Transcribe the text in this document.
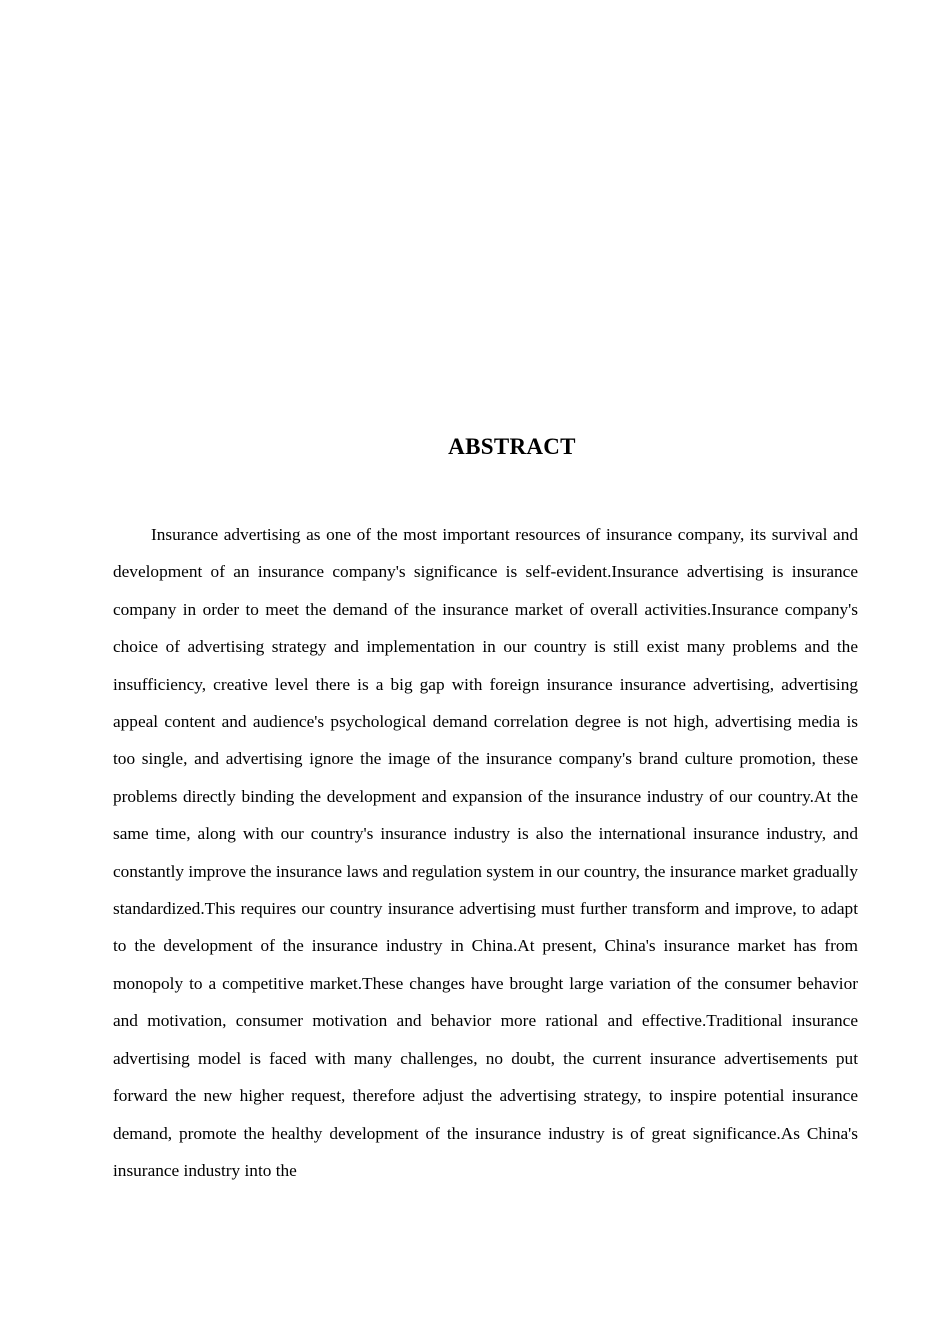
ABSTRACT

Insurance advertising as one of the most important resources of insurance company, its survival and development of an insurance company's significance is self-evident.Insurance advertising is insurance company in order to meet the demand of the insurance market of overall activities.Insurance company's choice of advertising strategy and implementation in our country is still exist many problems and the insufficiency, creative level there is a big gap with foreign insurance insurance advertising, advertising appeal content and audience's psychological demand correlation degree is not high, advertising media is too single, and advertising ignore the image of the insurance company's brand culture promotion, these problems directly binding the development and expansion of the insurance industry of our country.At the same time, along with our country's insurance industry is also the international insurance industry, and constantly improve the insurance laws and regulation system in our country, the insurance market gradually standardized.This requires our country insurance advertising must further transform and improve, to adapt to the development of the insurance industry in China.At present, China's insurance market has from monopoly to a competitive market.These changes have brought large variation of the consumer behavior and motivation, consumer motivation and behavior more rational and effective.Traditional insurance advertising model is faced with many challenges, no doubt, the current insurance advertisements put forward the new higher request, therefore adjust the advertising strategy, to inspire potential insurance demand, promote the healthy development of the insurance industry is of great significance.As China's insurance industry into the
